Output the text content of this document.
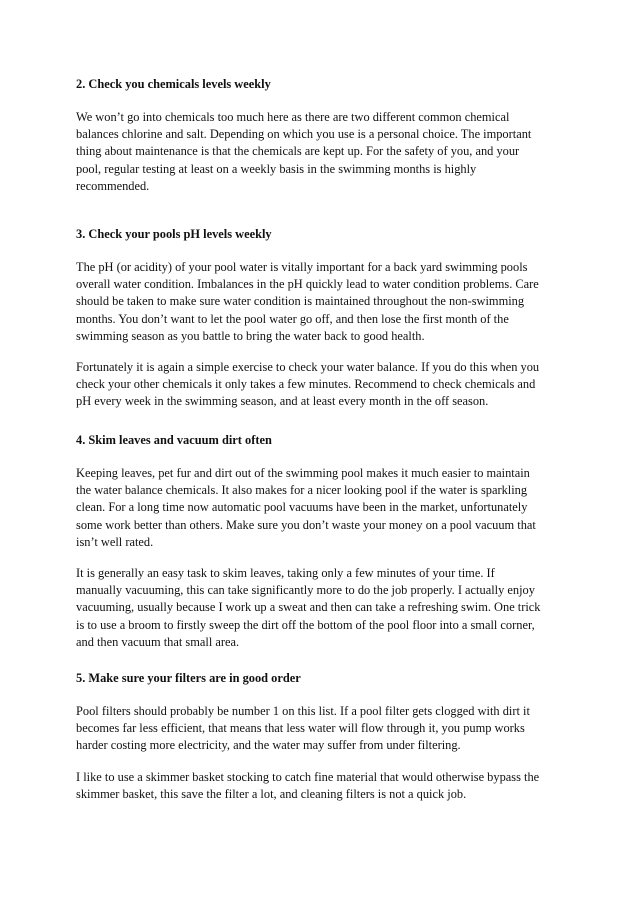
2. Check you chemicals levels weekly

We won’t go into chemicals too much here as there are two different common chemical
balances chlorine and salt. Depending on which you use is a personal choice. The important
thing about maintenance is that the chemicals are kept up. For the safety of you, and your
pool, regular testing at least on a weekly basis in the swimming months is highly
recommended.

3. Check your pools pH levels weekly

The pH (or acidity) of your pool water is vitally important for a back yard swimming pools
overall water condition. Imbalances in the pH quickly lead to water condition problems. Care
should be taken to make sure water condition is maintained throughout the non-swimming
months. You don’t want to let the pool water go off, and then lose the first month of the
swimming season as you battle to bring the water back to good health.

Fortunately it is again a simple exercise to check your water balance. If you do this when you
check your other chemicals it only takes a few minutes. Recommend to check chemicals and
pH every week in the swimming season, and at least every month in the off season.

4. Skim leaves and vacuum dirt often

Keeping leaves, pet fur and dirt out of the swimming pool makes it much easier to maintain
the water balance chemicals. It also makes for a nicer looking pool if the water is sparkling
clean. For a long time now automatic pool vacuums have been in the market, unfortunately
some work better than others. Make sure you don’t waste your money on a pool vacuum that
isn’t well rated.

It is generally an easy task to skim leaves, taking only a few minutes of your time. If
manually vacuuming, this can take significantly more to do the job properly. I actually enjoy
vacuuming, usually because I work up a sweat and then can take a refreshing swim. One trick
is to use a broom to firstly sweep the dirt off the bottom of the pool floor into a small corner,
and then vacuum that small area.

5. Make sure your filters are in good order

Pool filters should probably be number 1 on this list. If a pool filter gets clogged with dirt it
becomes far less efficient, that means that less water will flow through it, you pump works
harder costing more electricity, and the water may suffer from under filtering.

I like to use a skimmer basket stocking to catch fine material that would otherwise bypass the
skimmer basket, this save the filter a lot, and cleaning filters is not a quick job.
